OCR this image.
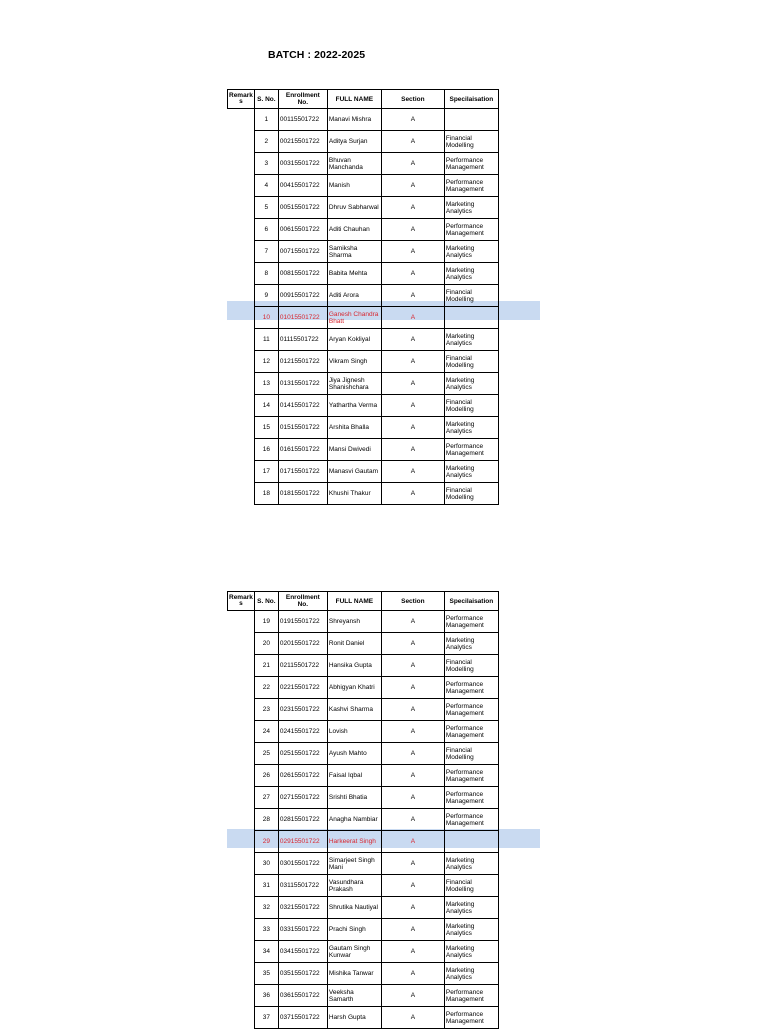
BATCH : 2022-2025
Remark s	S. No.	Enrollment No.	FULL NAME	Section	Specilaisation
	1	00115501722	Manavi Mishra	A	
	2	00215501722	Aditya Surjan	A	Financial Modelling
	3	00315501722	Bhuvan Manchanda	A	Performance Management
	4	00415501722	Manish	A	Performance Management
	5	00515501722	Dhruv Sabharwal	A	Marketing Analytics
	6	00615501722	Aditi Chauhan	A	Performance Management
	7	00715501722	Samiksha Sharma	A	Marketing Analytics
	8	00815501722	Babita Mehta	A	Marketing Analytics
	9	00915501722	Aditi Arora	A	Financial Modelling
	10	01015501722	Ganesh Chandra Bhatt	A	
	11	01115501722	Aryan Kokliyal	A	Marketing Analytics
	12	01215501722	Vikram Singh	A	Financial Modelling
	13	01315501722	Jiya Jignesh Shanishchara	A	Marketing Analytics
	14	01415501722	Yathartha Verma	A	Financial Modelling
	15	01515501722	Arshita Bhalla	A	Marketing Analytics
	16	01615501722	Mansi Dwivedi	A	Performance Management
	17	01715501722	Manasvi Gautam	A	Marketing Analytics
	18	01815501722	Khushi Thakur	A	Financial Modelling
Remark s	S. No.	Enrollment No.	FULL NAME	Section	Specilaisation
	19	01915501722	Shreyansh	A	Performance Management
	20	02015501722	Ronit Daniel	A	Marketing Analytics
	21	02115501722	Hansika Gupta	A	Financial Modelling
	22	02215501722	Abhigyan Khatri	A	Performance Management
	23	02315501722	Kashvi Sharma	A	Performance Management
	24	02415501722	Lovish	A	Performance Management
	25	02515501722	Ayush Mahto	A	Financial Modelling
	26	02615501722	Faisal Iqbal	A	Performance Management
	27	02715501722	Srishti Bhatia	A	Performance Management
	28	02815501722	Anagha Nambiar	A	Performance Management
	29	02915501722	Harkeerat Singh	A	
	30	03015501722	Simarjeet Singh Mani	A	Marketing Analytics
	31	03115501722	Vasundhara Prakash	A	Financial Modelling
	32	03215501722	Shrutika Nautiyal	A	Marketing Analytics
	33	03315501722	Prachi Singh	A	Marketing Analytics
	34	03415501722	Gautam Singh Kunwar	A	Marketing Analytics
	35	03515501722	Mishika Tanwar	A	Marketing Analytics
	36	03615501722	Veeksha Samarth	A	Performance Management
	37	03715501722	Harsh Gupta	A	Performance Management
